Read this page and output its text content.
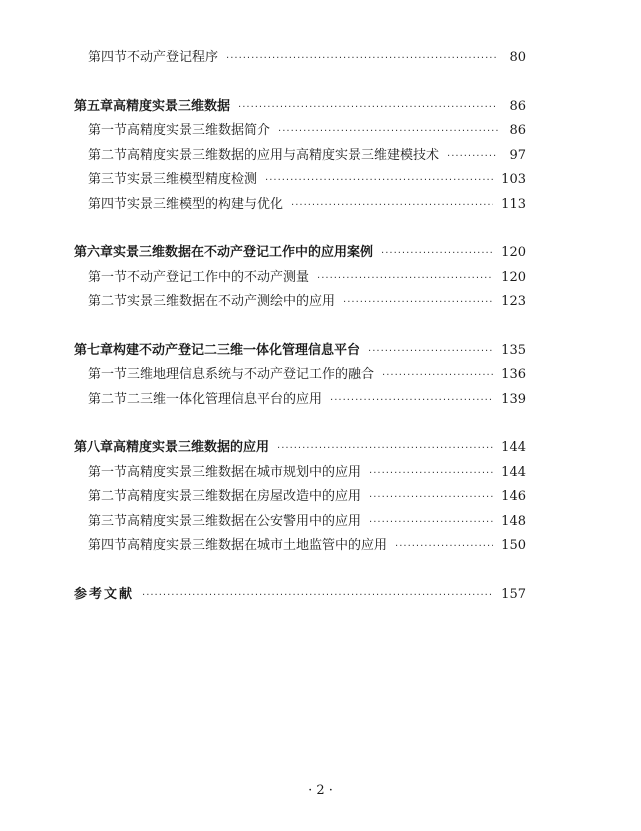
第四节 不动产登记程序 ·····	80
第五章 高精度实景三维数据 ·····	86
第一节 高精度实景三维数据简介 ·····	86
第二节 高精度实景三维数据的应用与高精度实景三维建模技术 ·····	97
第三节 实景三维模型精度检测 ·····	103
第四节 实景三维模型的构建与优化 ·····	113
第六章 实景三维数据在不动产登记工作中的应用案例 ·····	120
第一节 不动产登记工作中的不动产测量 ·····	120
第二节 实景三维数据在不动产测绘中的应用 ·····	123
第七章 构建不动产登记二三维一体化管理信息平台 ·····	135
第一节 三维地理信息系统与不动产登记工作的融合 ·····	136
第二节 二三维一体化管理信息平台的应用 ·····	139
第八章 高精度实景三维数据的应用 ·····	144
第一节 高精度实景三维数据在城市规划中的应用 ·····	144
第二节 高精度实景三维数据在房屋改造中的应用 ·····	146
第三节 高精度实景三维数据在公安警用中的应用 ·····	148
第四节 高精度实景三维数据在城市土地监管中的应用 ·····	150
参考文献 ·····	157
· 2 ·
